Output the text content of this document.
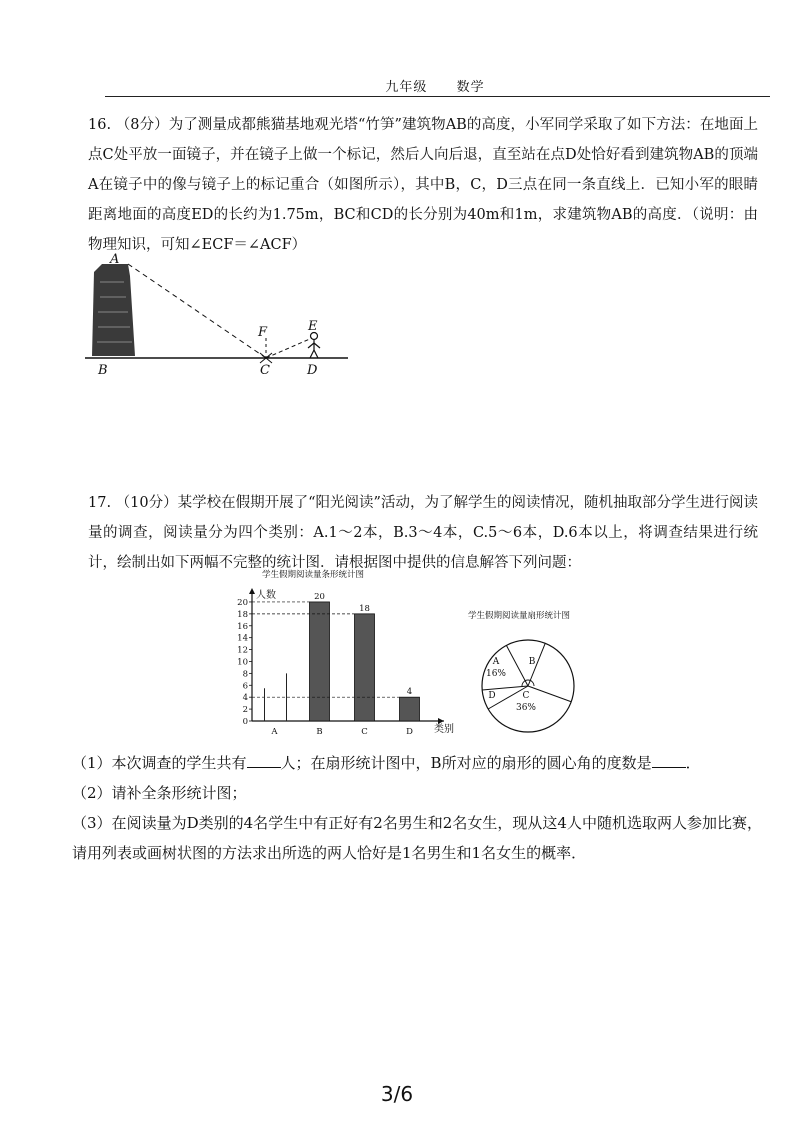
九年级 数学

16. （8分）为了测量成都熊猫基地观光塔“竹笋”建筑物AB的高度，小军同学采取了如下方法：在地面上点C处平放一面镜子，并在镜子上做一个标记，然后人向后退，直至站在点D处恰好看到建筑物AB的顶端A在镜子中的像与镜子上的标记重合（如图所示），其中B，C，D三点在同一条直线上．已知小军的眼睛距离地面的高度ED的长约为1.75m，BC和CD的长分别为40m和1m，求建筑物AB的高度．（说明：由物理知识，可知∠ECF＝∠ACF）

A
B	C	D
E
F

17. （10分）某学校在假期开展了“阳光阅读”活动，为了解学生的阅读情况，随机抽取部分学生进行阅读量的调查，阅读量分为四个类别：A.1～2本，B.3～4本，C.5～6本，D.6本以上，将调查结果进行统计，绘制出如下两幅不完整的统计图．请根据图中提供的信息解答下列问题：

学生假期阅读量条形统计图
人数
类别
0
2
4
6
8
10
12
14
16
18
20
A	B
20
C
18
D
4
学生假期阅读量扇形统计图
A
16%
B
C
36%
D

（1）本次调查的学生共有 人；在扇形统计图中，B所对应的扇形的圆心角的度数是 ．

（2）请补全条形统计图；

（3）在阅读量为D类别的4名学生中有正好有2名男生和2名女生，现从这4人中随机选取两人参加比赛，请用列表或画树状图的方法求出所选的两人恰好是1名男生和1名女生的概率．

3/6
